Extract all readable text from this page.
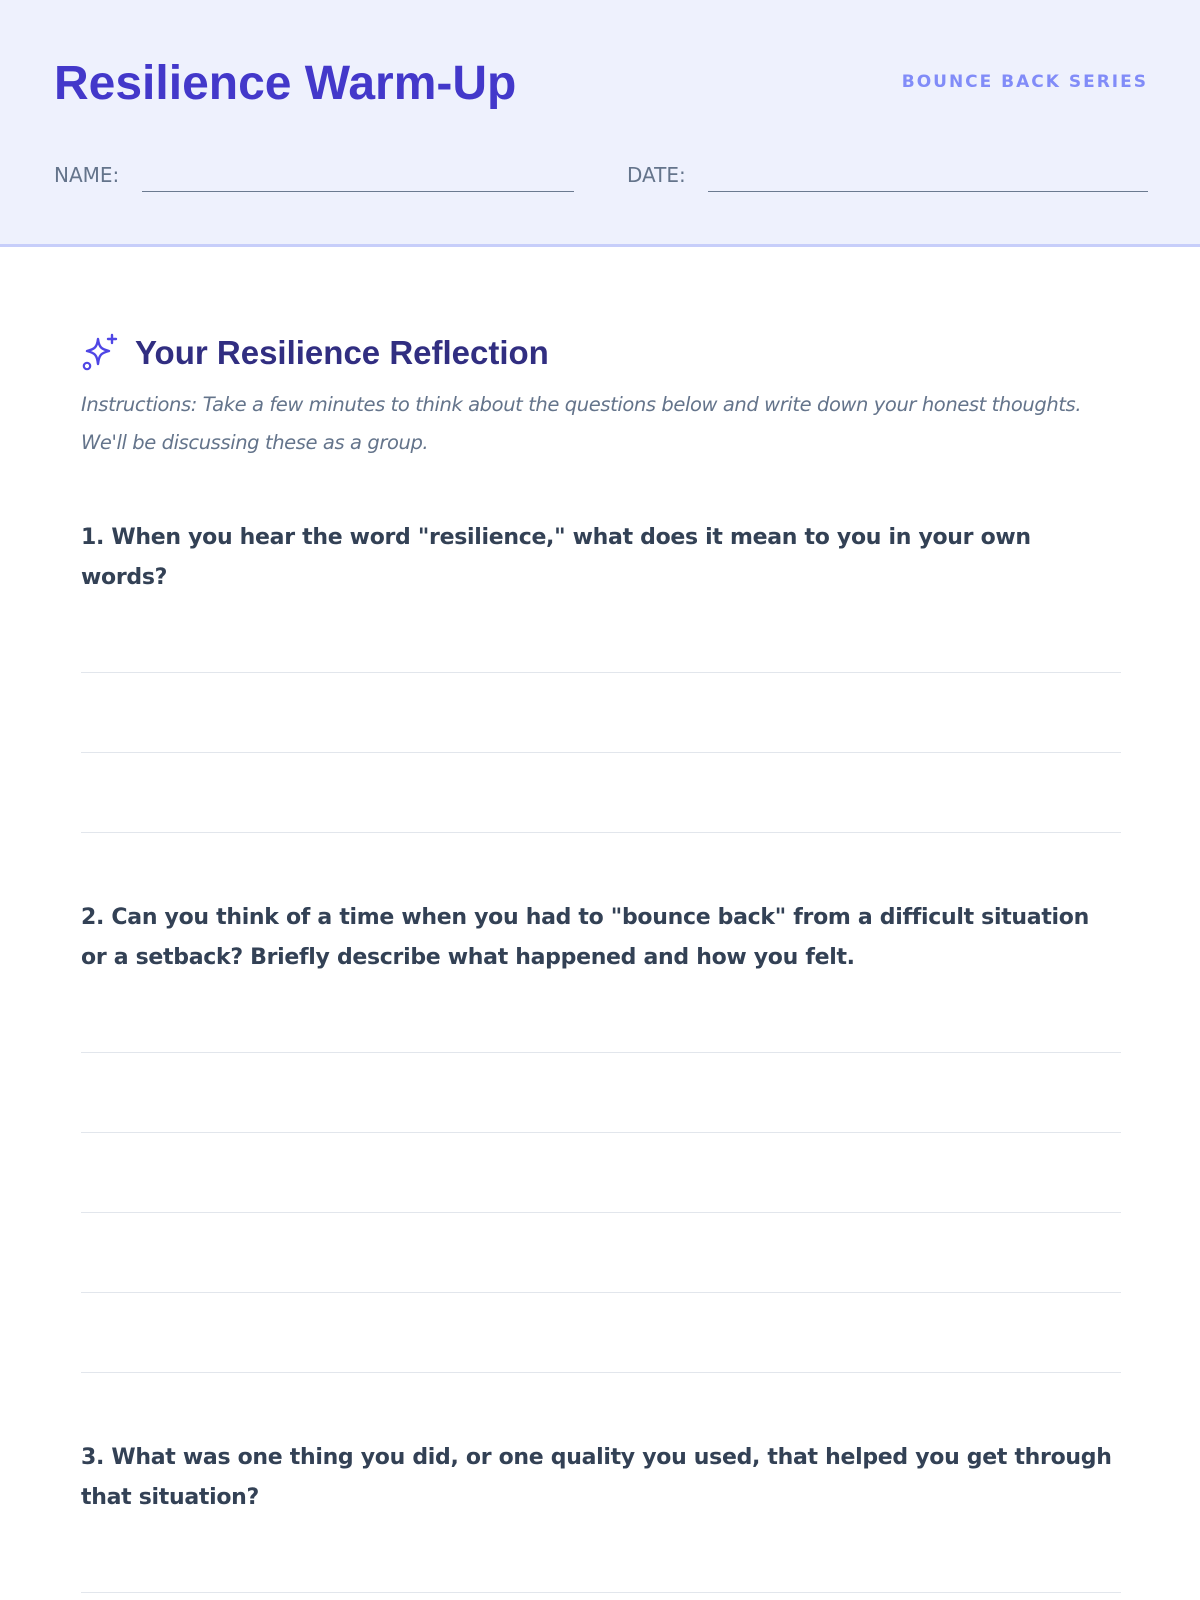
Resilience Warm-Up	BOUNCE BACK SERIES
NAME:	DATE:
Your Resilience Reflection

Instructions: Take a few minutes to think about the questions below and write down your honest thoughts. We'll be discussing these as a group.

1. When you hear the word "resilience," what does it mean to you in your own words?

2. Can you think of a time when you had to "bounce back" from a difficult situation or a setback? Briefly describe what happened and how you felt.

3. What was one thing you did, or one quality you used, that helped you get through that situation?
